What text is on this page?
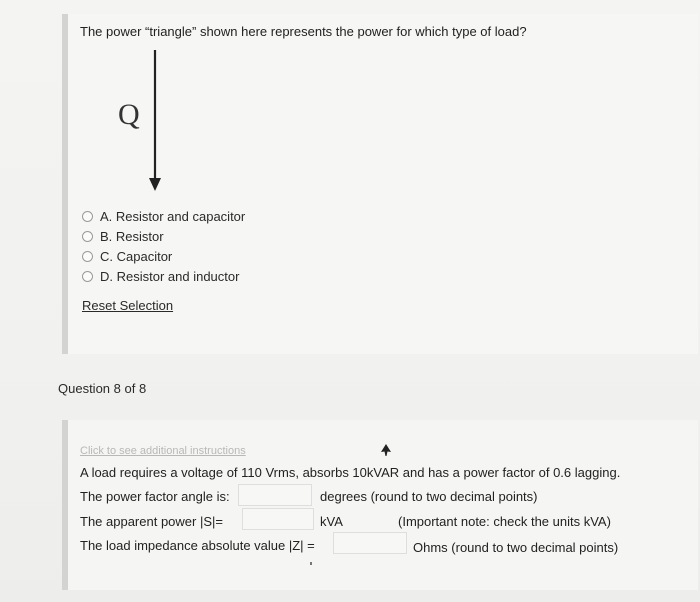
The power “triangle” shown here represents the power for which type of load?
Q
A. Resistor and capacitor
B. Resistor
C. Capacitor
D. Resistor and inductor
Reset Selection
Question 8 of 8
Click to see additional instructions
A load requires a voltage of 110 Vrms, absorbs 10kVAR and has a power factor of 0.6 lagging.
The power factor angle is:	degrees (round to two decimal points)
The apparent power |S|=	kVA	(Important note: check the units kVA)
The load impedance absolute value |Z| =	Ohms (round to two decimal points)
